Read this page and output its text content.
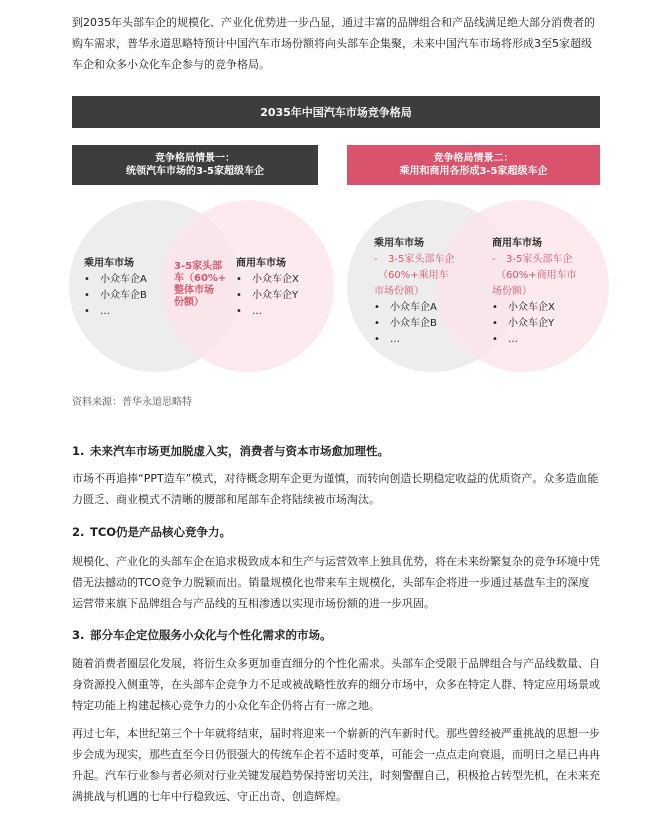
到2035年头部车企的规模化、产业化优势进一步凸显，通过丰富的品牌组合和产品线满足绝大部分消费者的购车需求，普华永道思略特预计中国汽车市场份额将向头部车企集聚，未来中国汽车市场将形成3至5家超级车企和众多小众化车企参与的竞争格局。

2035年中国汽车市场竞争格局
竞争格局情景一：
统领汽车市场的3-5家超级车企
竞争格局情景二：
乘用和商用各形成3-5家超级车企
乘用车市场
•	小众车企A
•	小众车企B
•	…
3-5家头部
车（60%+
整体市场
份额）
商用车市场
•	小众车企X
•	小众车企Y
•	…
乘用车市场
-	3-5家头部车企
（60%+乘用车
市场份额）
•	小众车企A
•	小众车企B
•	…
商用车市场
-	3-5家头部车企
（60%+商用车市
场份额）
•	小众车企X
•	小众车企Y
•	…
资料来源：普华永道思略特
1. 未来汽车市场更加脱虚入实，消费者与资本市场愈加理性。

市场不再追捧“PPT造车”模式，对待概念期车企更为谨慎，而转向创造长期稳定收益的优质资产。众多造血能力匮乏、商业模式不清晰的腰部和尾部车企将陆续被市场淘汰。

2. TCO仍是产品核心竞争力。

规模化、产业化的头部车企在追求极致成本和生产与运营效率上独具优势，将在未来纷繁复杂的竞争环境中凭借无法撼动的TCO竞争力脱颖而出。销量规模化也带来车主规模化，头部车企将进一步通过基盘车主的深度运营带来旗下品牌组合与产品线的互相渗透以实现市场份额的进一步巩固。

3. 部分车企定位服务小众化与个性化需求的市场。

随着消费者圈层化发展，将衍生众多更加垂直细分的个性化需求。头部车企受限于品牌组合与产品线数量、自身资源投入侧重等，在头部车企竞争力不足或被战略性放弃的细分市场中，众多在特定人群、特定应用场景或特定功能上构建起核心竞争力的小众化车企仍将占有一席之地。

再过七年，本世纪第三个十年就将结束，届时将迎来一个崭新的汽车新时代。那些曾经被严重挑战的思想一步步会成为现实，那些直至今日仍很强大的传统车企若不适时变革，可能会一点点走向衰退，而明日之星已冉冉升起。汽车行业参与者必须对行业关键发展趋势保持密切关注，时刻警醒自己，积极抢占转型先机，在未来充满挑战与机遇的七年中行稳致远、守正出奇、创造辉煌。
